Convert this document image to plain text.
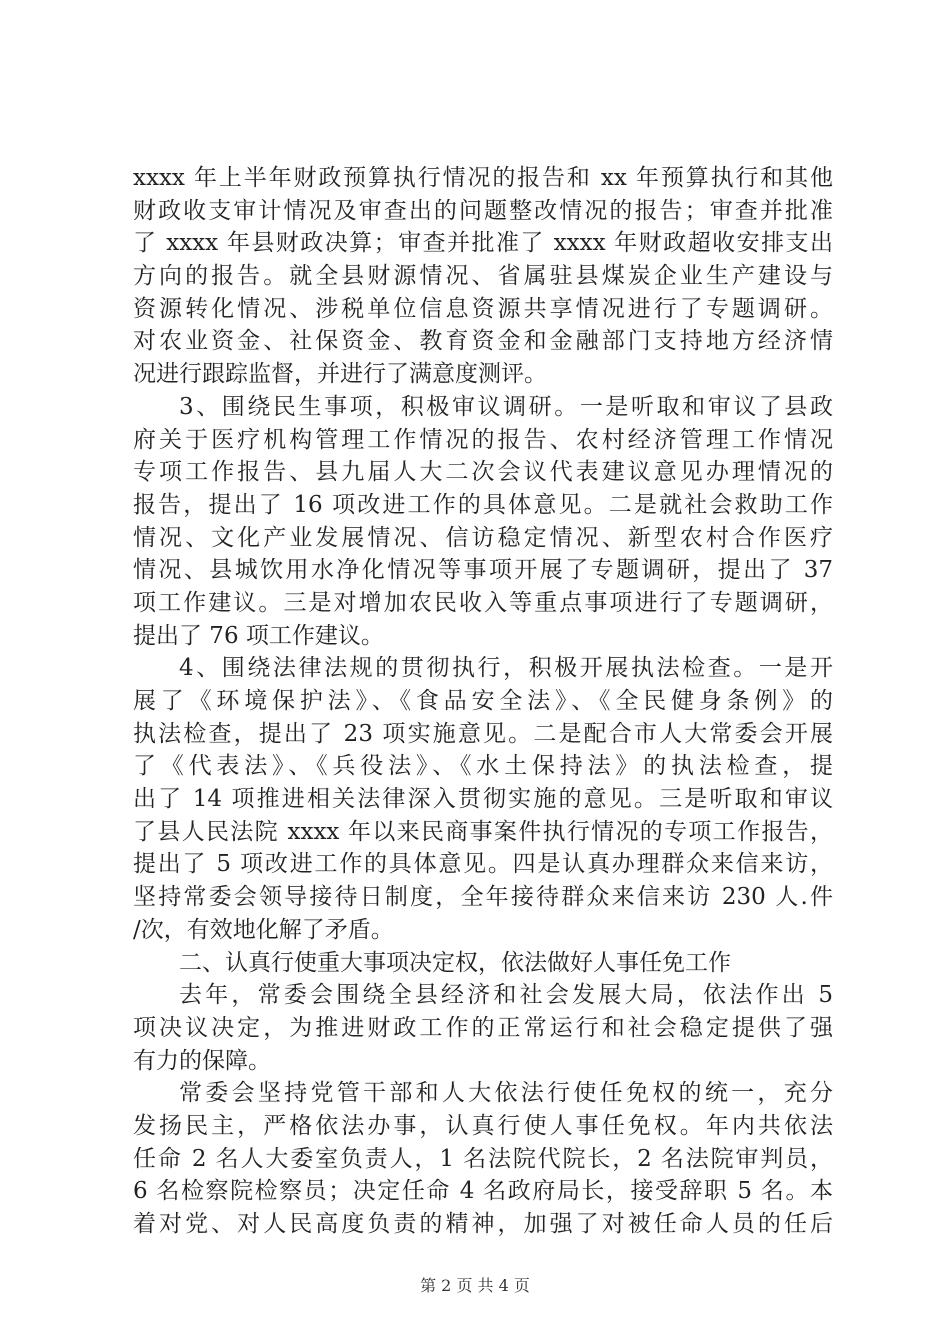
xxxx 年上半年财政预算执行情况的报告和 xx 年预算执行和其他
财政收支审计情况及审查出的问题整改情况的报告；审查并批准
了 xxxx 年县财政决算；审查并批准了 xxxx 年财政超收安排支出
方向的报告。就全县财源情况、省属驻县煤炭企业生产建设与
资源转化情况、涉税单位信息资源共享情况进行了专题调研。
对农业资金、社保资金、教育资金和金融部门支持地方经济情
况进行跟踪监督，并进行了满意度测评。
3、围绕民生事项，积极审议调研。一是听取和审议了县政
府关于医疗机构管理工作情况的报告、农村经济管理工作情况
专项工作报告、县九届人大二次会议代表建议意见办理情况的
报告，提出了 16 项改进工作的具体意见。二是就社会救助工作
情况、文化产业发展情况、信访稳定情况、新型农村合作医疗
情况、县城饮用水净化情况等事项开展了专题调研，提出了 37
项工作建议。三是对增加农民收入等重点事项进行了专题调研，
提出了 76 项工作建议。
4、围绕法律法规的贯彻执行，积极开展执法检查。一是开
展了《环境保护法》、《食品安全法》、《全民健身条例》的
执法检查，提出了 23 项实施意见。二是配合市人大常委会开展
了《代表法》、《兵役法》、《水土保持法》的执法检查，提
出了 14 项推进相关法律深入贯彻实施的意见。三是听取和审议
了县人民法院 xxxx 年以来民商事案件执行情况的专项工作报告，
提出了 5 项改进工作的具体意见。四是认真办理群众来信来访，
坚持常委会领导接待日制度，全年接待群众来信来访 230 人.件
/次，有效地化解了矛盾。
二、认真行使重大事项决定权，依法做好人事任免工作
去年，常委会围绕全县经济和社会发展大局，依法作出 5
项决议决定，为推进财政工作的正常运行和社会稳定提供了强
有力的保障。
常委会坚持党管干部和人大依法行使任免权的统一，充分
发扬民主，严格依法办事，认真行使人事任免权。年内共依法
任命 2 名人大委室负责人，1 名法院代院长，2 名法院审判员，
6 名检察院检察员；决定任命 4 名政府局长，接受辞职 5 名。本
着对党、对人民高度负责的精神，加强了对被任命人员的任后
第 2 页 共 4 页
